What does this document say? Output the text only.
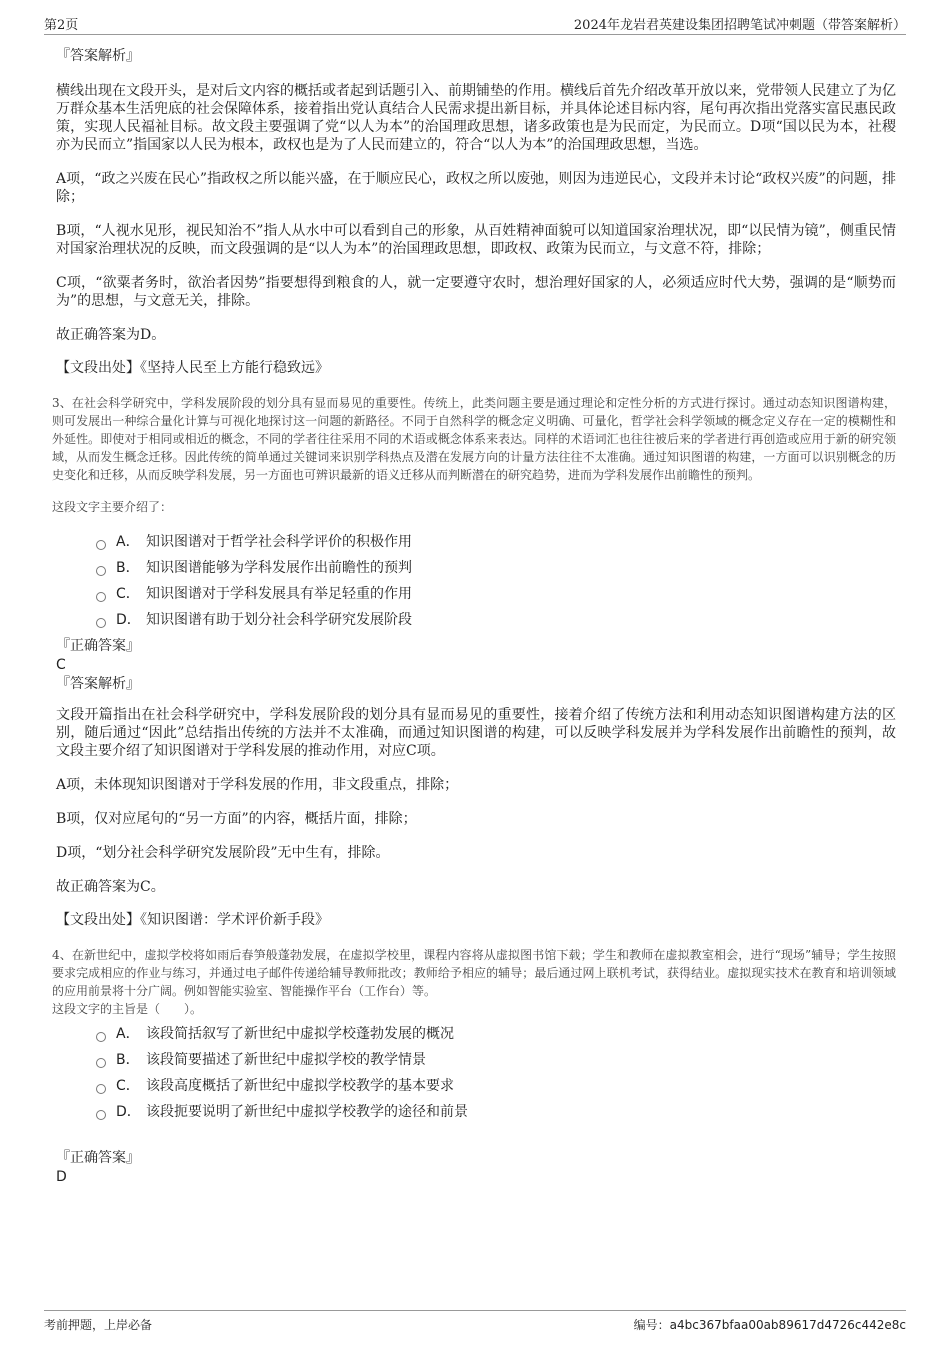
第2页	2024年龙岩君英建设集团招聘笔试冲刺题（带答案解析）
『答案解析』

横线出现在文段开头，是对后文内容的概括或者起到话题引入、前期铺垫的作用。横线后首先介绍改革开放以来，党带领人民建立了为亿万群众基本生活兜底的社会保障体系，接着指出党认真结合人民需求提出新目标，并具体论述目标内容，尾句再次指出党落实富民惠民政策，实现人民福祉目标。故文段主要强调了党“以人为本”的治国理政思想，诸多政策也是为民而定，为民而立。D项“国以民为本，社稷亦为民而立”指国家以人民为根本，政权也是为了人民而建立的，符合“以人为本”的治国理政思想，当选。

A项，“政之兴废在民心”指政权之所以能兴盛，在于顺应民心，政权之所以废弛，则因为违逆民心，文段并未讨论“政权兴废”的问题，排除；

B项，“人视水见形，视民知治不”指人从水中可以看到自己的形象，从百姓精神面貌可以知道国家治理状况，即“以民情为镜”，侧重民情对国家治理状况的反映，而文段强调的是“以人为本”的治国理政思想，即政权、政策为民而立，与文意不符，排除；

C项，“欲粟者务时，欲治者因势”指要想得到粮食的人，就一定要遵守农时，想治理好国家的人，必须适应时代大势，强调的是“顺势而为”的思想，与文意无关，排除。

故正确答案为D。

【文段出处】《坚持人民至上方能行稳致远》

3、在社会科学研究中，学科发展阶段的划分具有显而易见的重要性。传统上，此类问题主要是通过理论和定性分析的方式进行探讨。通过动态知识图谱构建，则可发展出一种综合量化计算与可视化地探讨这一问题的新路径。不同于自然科学的概念定义明确、可量化，哲学社会科学领域的概念定义存在一定的模糊性和外延性。即使对于相同或相近的概念，不同的学者往往采用不同的术语或概念体系来表达。同样的术语词汇也往往被后来的学者进行再创造或应用于新的研究领域，从而发生概念迁移。因此传统的简单通过关键词来识别学科热点及潜在发展方向的计量方法往往不太准确。通过知识图谱的构建，一方面可以识别概念的历史变化和迁移，从而反映学科发展，另一方面也可辨识最新的语义迁移从而判断潜在的研究趋势，进而为学科发展作出前瞻性的预判。

这段文字主要介绍了：
A． 知识图谱对于哲学社会科学评价的积极作用
B． 知识图谱能够为学科发展作出前瞻性的预判
C． 知识图谱对于学科发展具有举足轻重的作用
D． 知识图谱有助于划分社会科学研究发展阶段
『正确答案』
C
『答案解析』

文段开篇指出在社会科学研究中，学科发展阶段的划分具有显而易见的重要性，接着介绍了传统方法和利用动态知识图谱构建方法的区别，随后通过“因此”总结指出传统的方法并不太准确，而通过知识图谱的构建，可以反映学科发展并为学科发展作出前瞻性的预判，故文段主要介绍了知识图谱对于学科发展的推动作用，对应C项。

A项，未体现知识图谱对于学科发展的作用，非文段重点，排除；

B项，仅对应尾句的“另一方面”的内容，概括片面，排除；

D项，“划分社会科学研究发展阶段”无中生有，排除。

故正确答案为C。

【文段出处】《知识图谱：学术评价新手段》

4、在新世纪中，虚拟学校将如雨后春笋般蓬勃发展，在虚拟学校里，课程内容将从虚拟图书馆下载；学生和教师在虚拟教室相会，进行“现场”辅导；学生按照要求完成相应的作业与练习，并通过电子邮件传递给辅导教师批改；教师给予相应的辅导；最后通过网上联机考试，获得结业。虚拟现实技术在教育和培训领域的应用前景将十分广阔。例如智能实验室、智能操作平台（工作台）等。

这段文字的主旨是（　　）。
A． 该段简括叙写了新世纪中虚拟学校蓬勃发展的概况
B． 该段简要描述了新世纪中虚拟学校的教学情景
C． 该段高度概括了新世纪中虚拟学校教学的基本要求
D． 该段扼要说明了新世纪中虚拟学校教学的途径和前景
『正确答案』
D
考前押题，上岸必备	编号：a4bc367bfaa00ab89617d4726c442e8c
